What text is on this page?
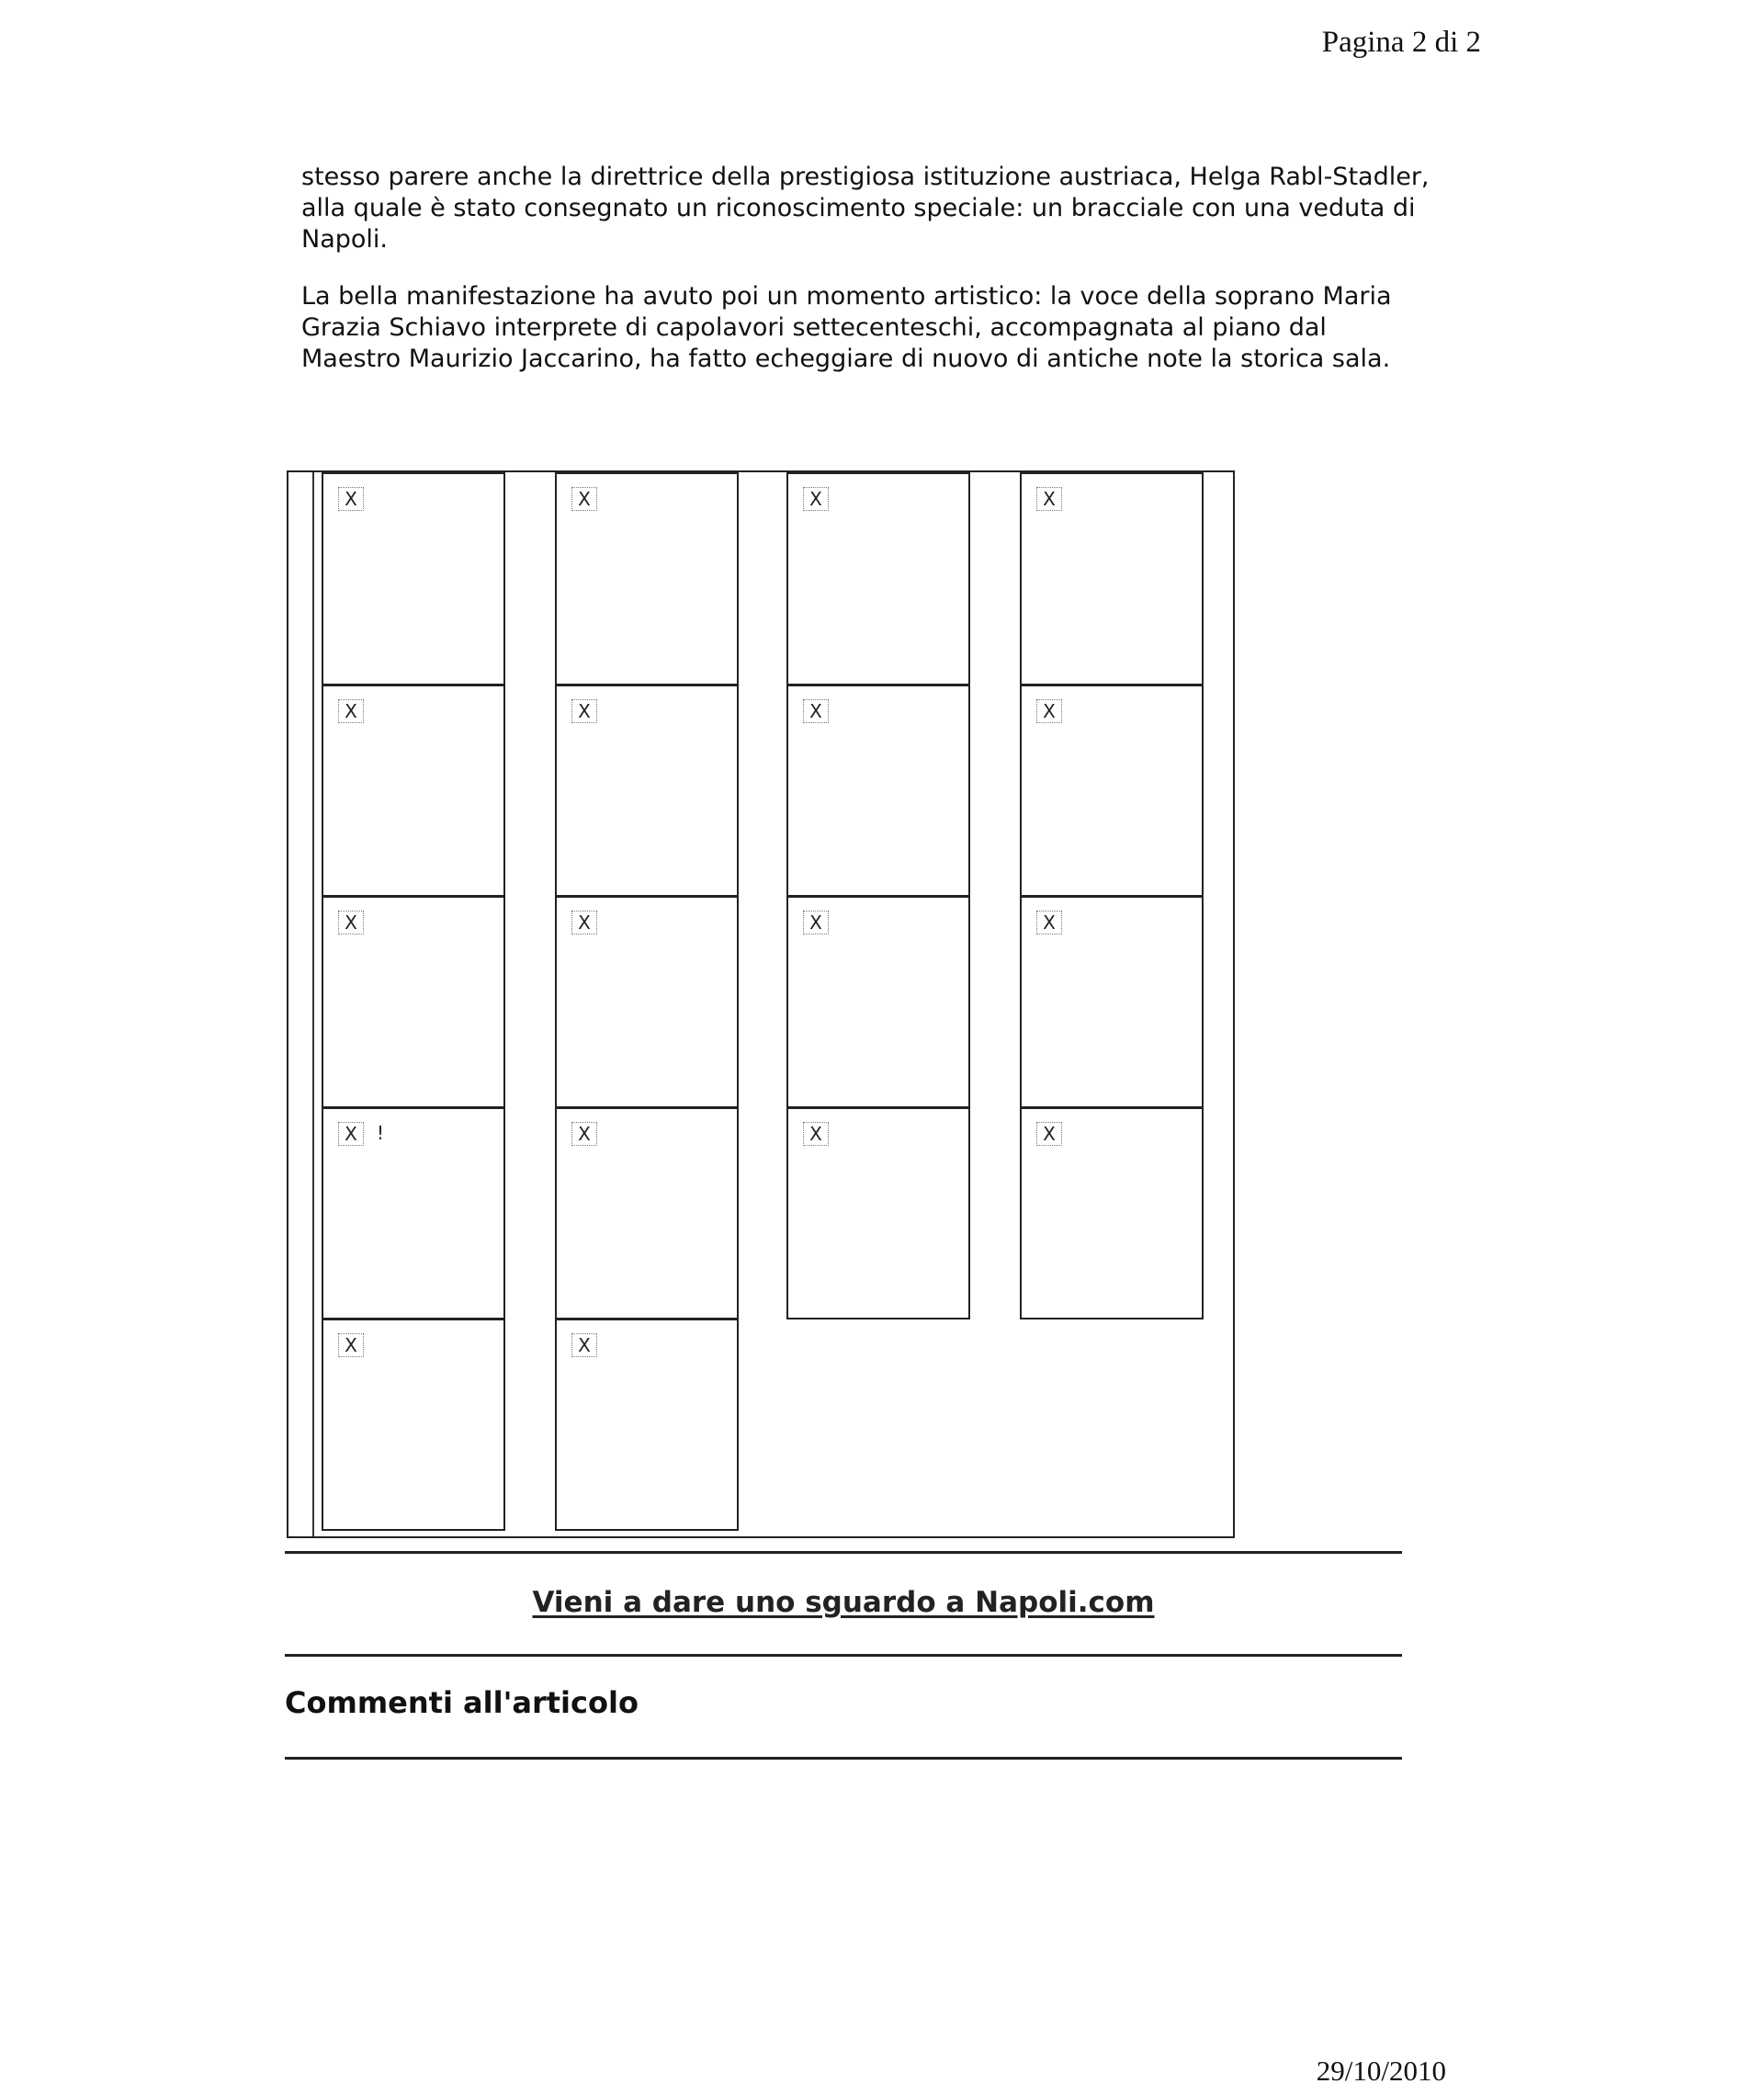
Pagina 2 di 2

stesso parere anche la direttrice della prestigiosa istituzione austriaca, Helga Rabl-Stadler, alla quale è stato consegnato un riconoscimento speciale: un bracciale con una veduta di Napoli.

La bella manifestazione ha avuto poi un momento artistico: la voce della soprano Maria Grazia Schiavo interprete di capolavori settecenteschi, accompagnata al piano dal Maestro Maurizio Jaccarino, ha fatto echeggiare di nuovo di antiche note la storica sala.

X
X
X
X	!
X
X
X
X
X
X
X
X
X
X
X
X
X
X
Vieni a dare uno sguardo a Napoli.com
Commenti all'articolo
29/10/2010
